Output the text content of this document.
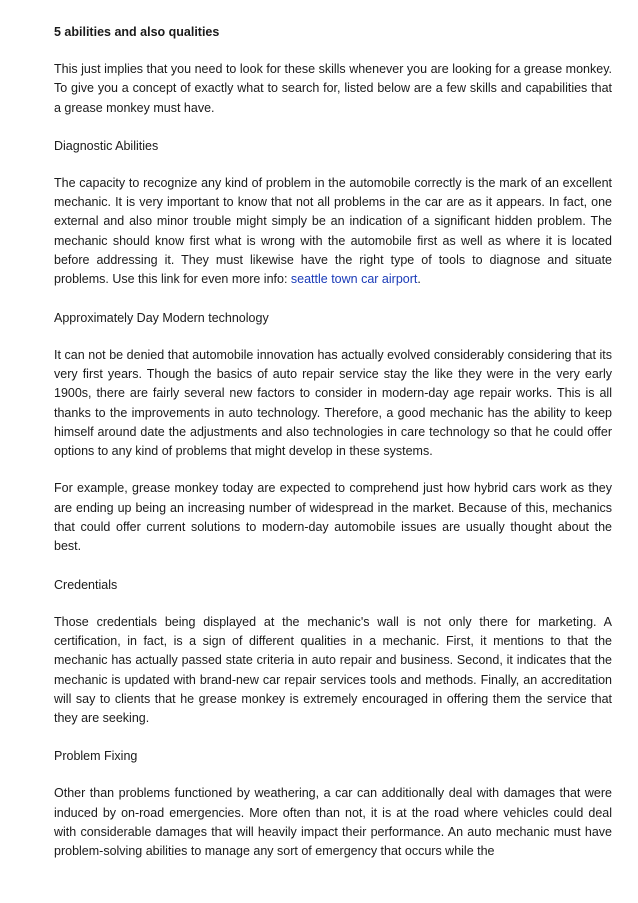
5 abilities and also qualities
This just implies that you need to look for these skills whenever you are looking for a grease monkey. To give you a concept of exactly what to search for, listed below are a few skills and capabilities that a grease monkey must have.
Diagnostic Abilities
The capacity to recognize any kind of problem in the automobile correctly is the mark of an excellent mechanic. It is very important to know that not all problems in the car are as it appears. In fact, one external and also minor trouble might simply be an indication of a significant hidden problem. The mechanic should know first what is wrong with the automobile first as well as where it is located before addressing it. They must likewise have the right type of tools to diagnose and situate problems. Use this link for even more info: seattle town car airport.
Approximately Day Modern technology
It can not be denied that automobile innovation has actually evolved considerably considering that its very first years. Though the basics of auto repair service stay the like they were in the very early 1900s, there are fairly several new factors to consider in modern-day age repair works. This is all thanks to the improvements in auto technology. Therefore, a good mechanic has the ability to keep himself around date the adjustments and also technologies in care technology so that he could offer options to any kind of problems that might develop in these systems.
For example, grease monkey today are expected to comprehend just how hybrid cars work as they are ending up being an increasing number of widespread in the market. Because of this, mechanics that could offer current solutions to modern-day automobile issues are usually thought about the best.
Credentials
Those credentials being displayed at the mechanic's wall is not only there for marketing. A certification, in fact, is a sign of different qualities in a mechanic. First, it mentions to that the mechanic has actually passed state criteria in auto repair and business. Second, it indicates that the mechanic is updated with brand-new car repair services tools and methods. Finally, an accreditation will say to clients that he grease monkey is extremely encouraged in offering them the service that they are seeking.
Problem Fixing
Other than problems functioned by weathering, a car can additionally deal with damages that were induced by on-road emergencies. More often than not, it is at the road where vehicles could deal with considerable damages that will heavily impact their performance. An auto mechanic must have problem-solving abilities to manage any sort of emergency that occurs while the
